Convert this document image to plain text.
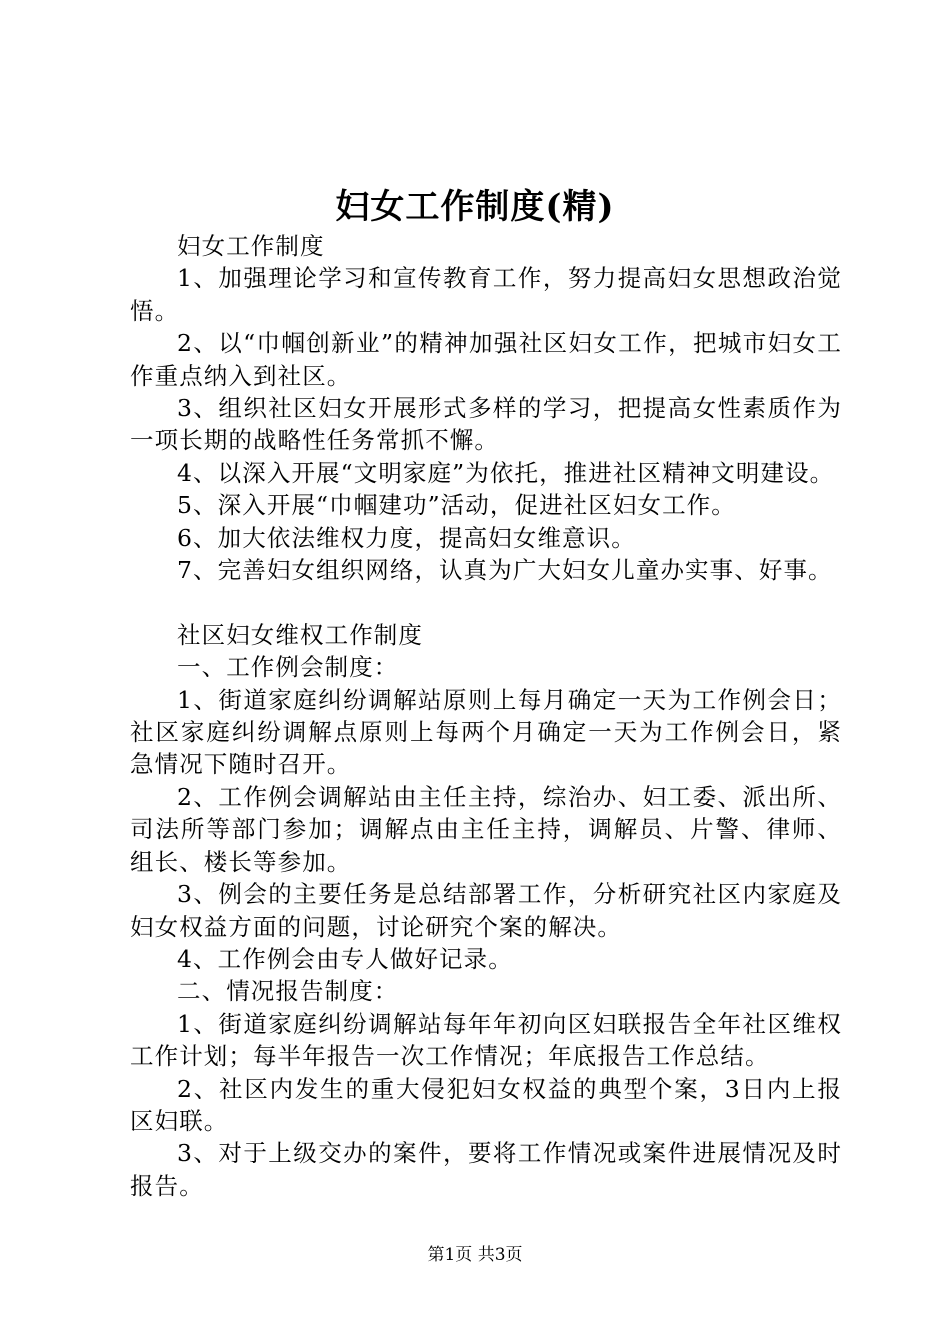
妇女工作制度(精)

妇女工作制度

1、加强理论学习和宣传教育工作，努力提高妇女思想政治觉悟。

2、以“巾帼创新业”的精神加强社区妇女工作，把城市妇女工作重点纳入到社区。

3、组织社区妇女开展形式多样的学习，把提高女性素质作为一项长期的战略性任务常抓不懈。

4、以深入开展“文明家庭”为依托，推进社区精神文明建设。

5、深入开展“巾帼建功”活动，促进社区妇女工作。

6、加大依法维权力度，提高妇女维意识。

7、完善妇女组织网络，认真为广大妇女儿童办实事、好事。

社区妇女维权工作制度

一、工作例会制度：

1、街道家庭纠纷调解站原则上每月确定一天为工作例会日；社区家庭纠纷调解点原则上每两个月确定一天为工作例会日，紧急情况下随时召开。

2、工作例会调解站由主任主持，综治办、妇工委、派出所、司法所等部门参加；调解点由主任主持，调解员、片警、律师、组长、楼长等参加。

3、例会的主要任务是总结部署工作，分析研究社区内家庭及妇女权益方面的问题，讨论研究个案的解决。

4、工作例会由专人做好记录。

二、情况报告制度：

1、街道家庭纠纷调解站每年年初向区妇联报告全年社区维权工作计划；每半年报告一次工作情况；年底报告工作总结。

2、社区内发生的重大侵犯妇女权益的典型个案，3日内上报区妇联。

3、对于上级交办的案件，要将工作情况或案件进展情况及时报告。

第1页 共3页
